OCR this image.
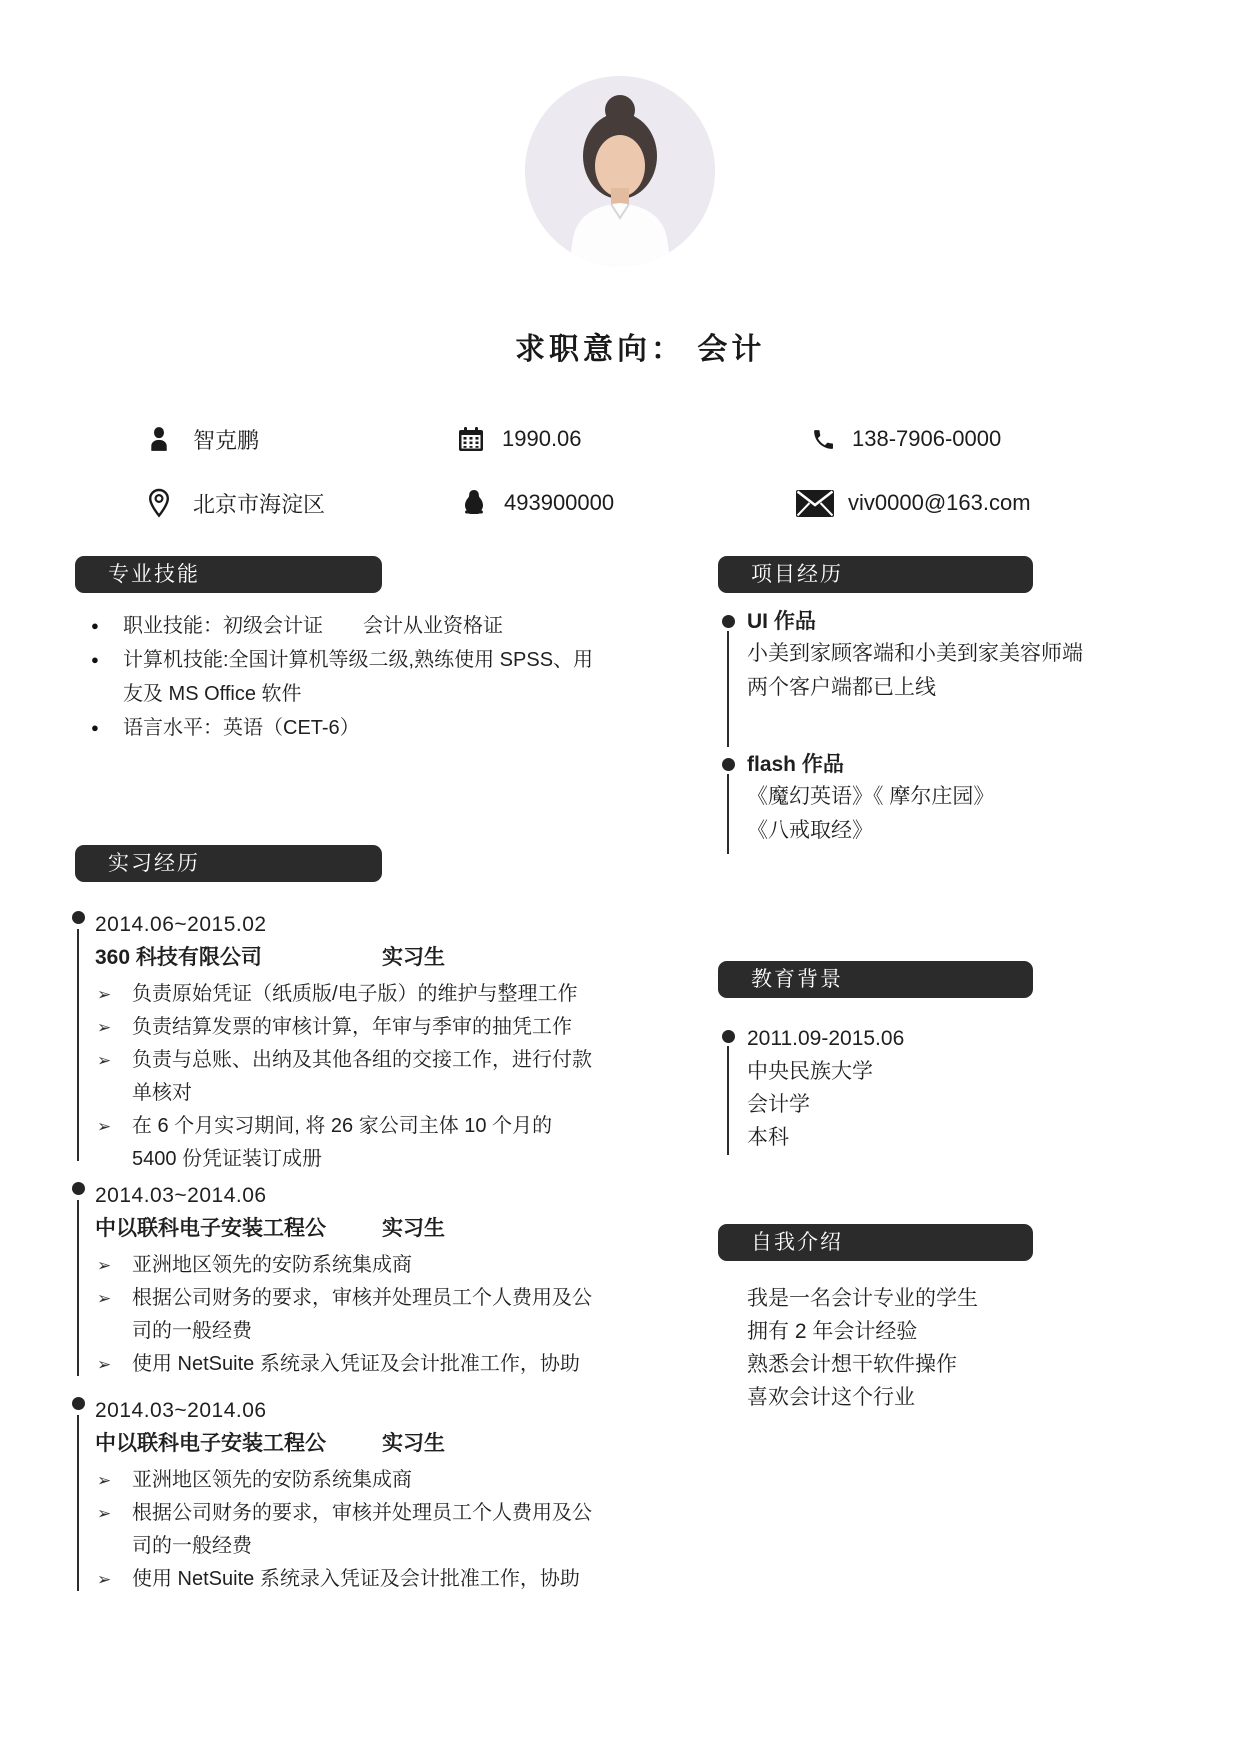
求职意向： 会计
智克鹏	1990.06	138-7906-0000
北京市海淀区	493900000	viv0000@163.com
专业技能
● 职业技能：初级会计证　　会计从业资格证
● 计算机技能:全国计算机等级二级,熟练使用 SPSS、用友及 MS Office 软件
● 语言水平：英语（CET-6）
实习经历
2014.06~2015.02
360 科技有限公司	实习生
➢ 负责原始凭证（纸质版/电子版）的维护与整理工作
➢ 负责结算发票的审核计算，年审与季审的抽凭工作
➢ 负责与总账、出纳及其他各组的交接工作，进行付款单核对
➢ 在 6 个月实习期间, 将 26 家公司主体 10 个月的 5400 份凭证装订成册
2014.03~2014.06
中以联科电子安装工程公	实习生
➢ 亚洲地区领先的安防系统集成商
➢ 根据公司财务的要求，审核并处理员工个人费用及公司的一般经费
➢ 使用 NetSuite 系统录入凭证及会计批准工作，协助
2014.03~2014.06
中以联科电子安装工程公	实习生
➢ 亚洲地区领先的安防系统集成商
➢ 根据公司财务的要求，审核并处理员工个人费用及公司的一般经费
➢ 使用 NetSuite 系统录入凭证及会计批准工作，协助
项目经历
UI 作品
小美到家顾客端和小美到家美容师端
两个客户端都已上线
flash 作品
《魔幻英语》《 摩尔庄园》
《八戒取经》
教育背景
2011.09-2015.06
中央民族大学
会计学
本科
自我介绍
我是一名会计专业的学生
拥有 2 年会计经验
熟悉会计想干软件操作
喜欢会计这个行业
